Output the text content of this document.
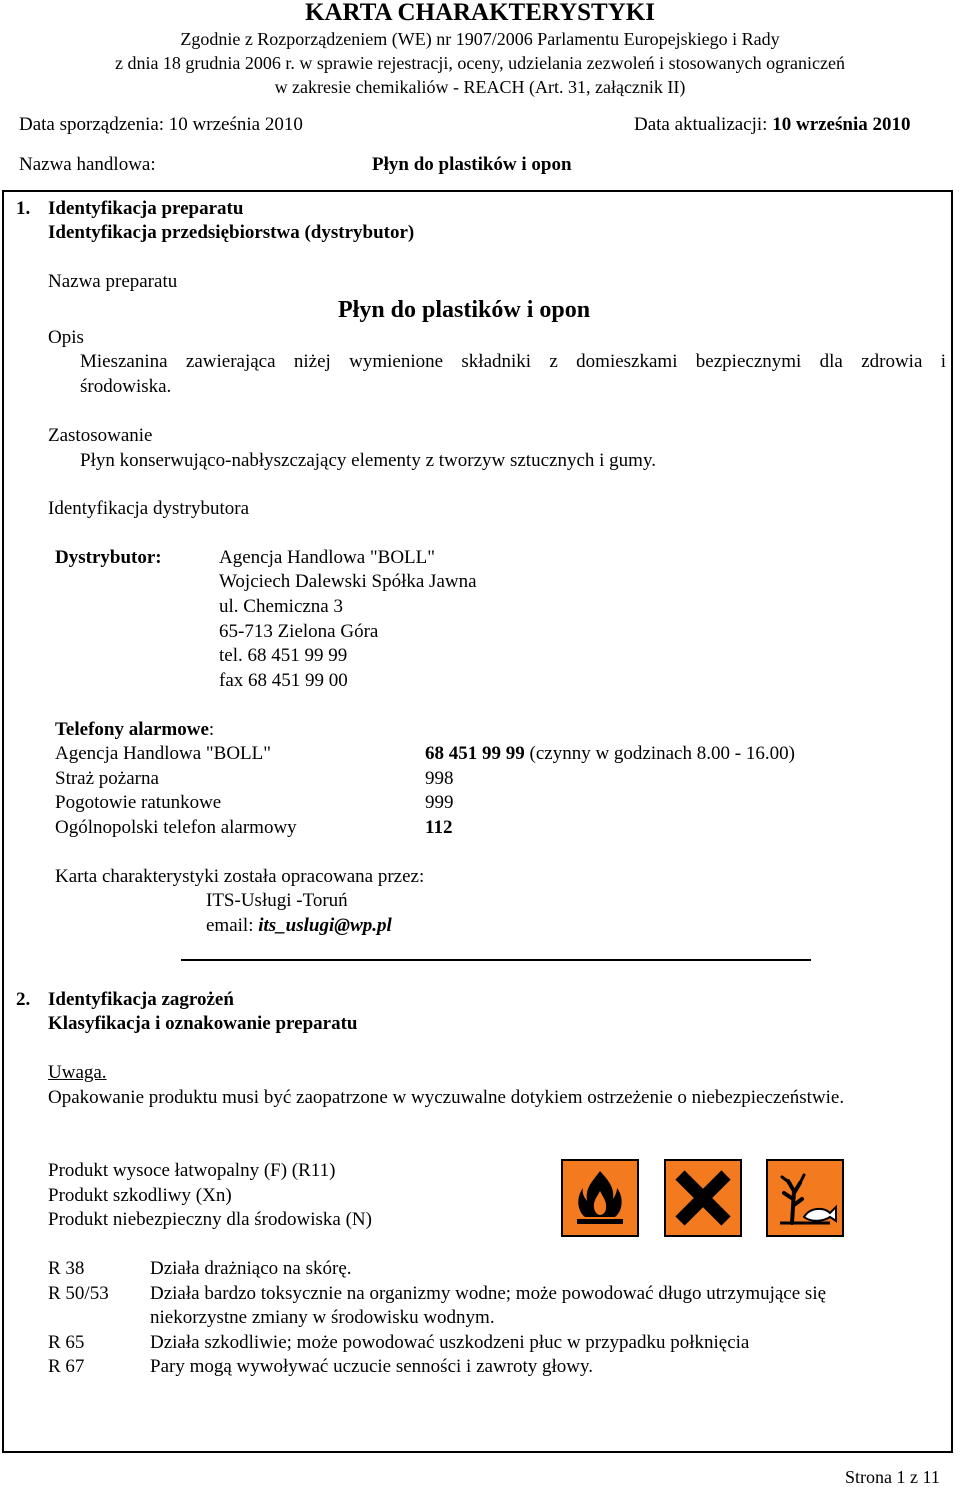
KARTA CHARAKTERYSTYKI
Zgodnie z Rozporządzeniem (WE) nr 1907/2006 Parlamentu Europejskiego i Rady
z dnia 18 grudnia 2006 r. w sprawie rejestracji, oceny, udzielania zezwoleń i stosowanych ograniczeń
w zakresie chemikaliów - REACH (Art. 31, załącznik II)
Data sporządzenia: 10 września 2010	Data aktualizacji: 10 września 2010
Nazwa handlowa:	Płyn do plastików i opon
1. Identyfikacja preparatu
Identyfikacja przedsiębiorstwa (dystrybutor)
Nazwa preparatu
Płyn do plastików i opon
Opis
Mieszanina zawierająca niżej wymienione składniki z domieszkami bezpiecznymi dla zdrowia i
środowiska.
Zastosowanie
Płyn konserwująco-nabłyszczający elementy z tworzyw sztucznych i gumy.
Identyfikacja dystrybutora
Dystrybutor:	Agencja Handlowa "BOLL"
Wojciech Dalewski Spółka Jawna
ul. Chemiczna 3
65-713 Zielona Góra
tel. 68 451 99 99
fax 68 451 99 00
Telefony alarmowe:
Agencja Handlowa "BOLL"	68 451 99 99 (czynny w godzinach 8.00 - 16.00)
Straż pożarna	998
Pogotowie ratunkowe	999
Ogólnopolski telefon alarmowy	112
Karta charakterystyki została opracowana przez:
ITS-Usługi -Toruń
email: its_uslugi@wp.pl
2. Identyfikacja zagrożeń
Klasyfikacja i oznakowanie preparatu
Uwaga.
Opakowanie produktu musi być zaopatrzone w wyczuwalne dotykiem ostrzeżenie o niebezpieczeństwie.
Produkt wysoce łatwopalny (F) (R11)
Produkt szkodliwy (Xn)
Produkt niebezpieczny dla środowiska (N)
R 38	Działa drażniąco na skórę.
R 50/53 Działa bardzo toksycznie na organizmy wodne; może powodować długo utrzymujące się
niekorzystne zmiany w środowisku wodnym.
R 65	Działa szkodliwie; może powodować uszkodzeni płuc w przypadku połknięcia
R 67	Pary mogą wywoływać uczucie senności i zawroty głowy.
Strona 1 z 11
